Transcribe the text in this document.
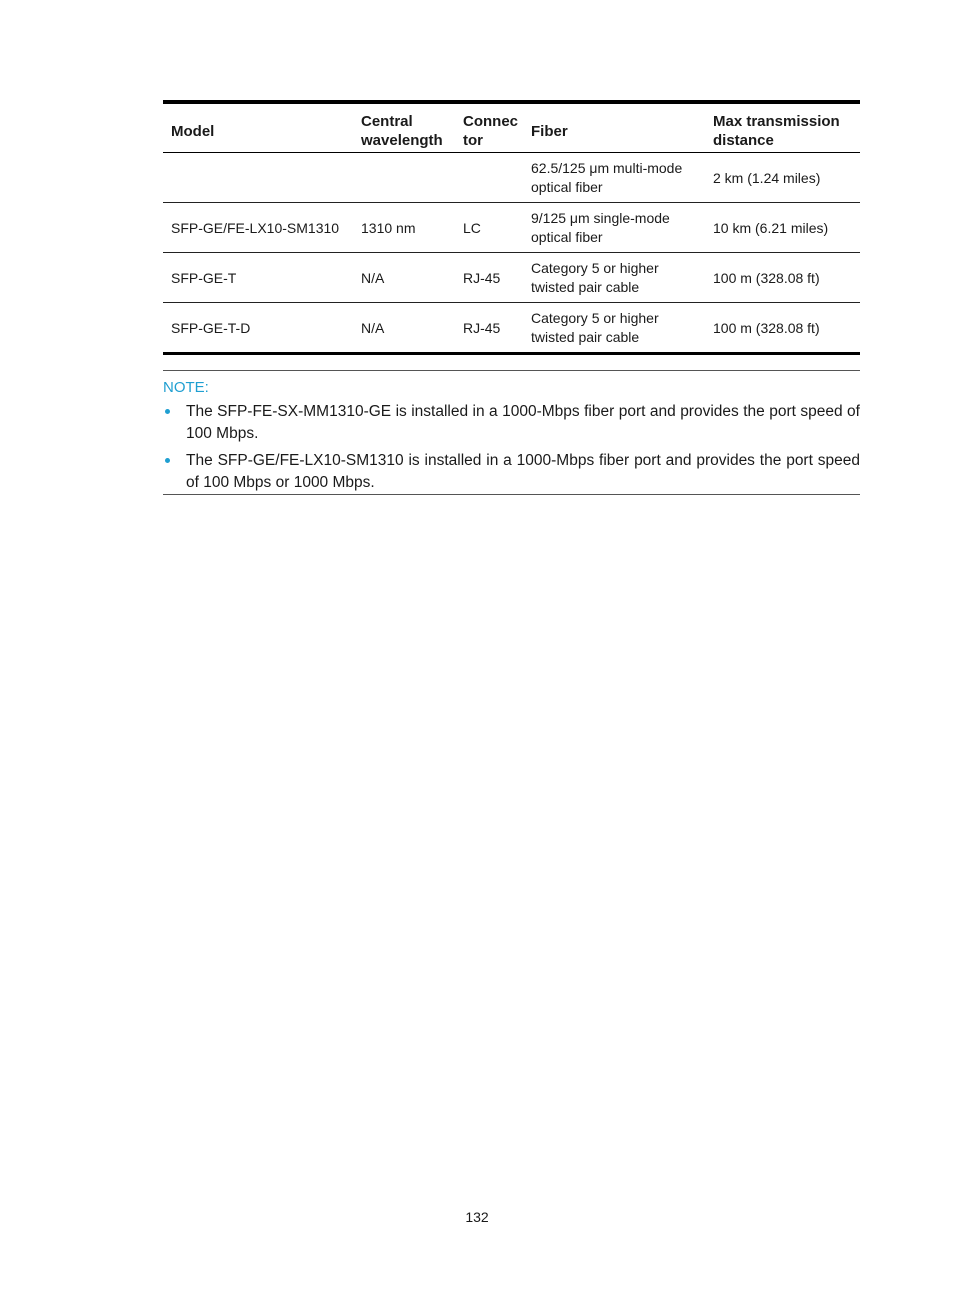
Model	Central wavelength	Connec tor	Fiber	Max transmission distance
			62.5/125 μm multi-mode optical fiber	2 km (1.24 miles)
SFP-GE/FE-LX10-SM1310	1310 nm	LC	9/125 μm single-mode optical fiber	10 km (6.21 miles)
SFP-GE-T	N/A	RJ-45	Category 5 or higher twisted pair cable	100 m (328.08 ft)
SFP-GE-T-D	N/A	RJ-45	Category 5 or higher twisted pair cable	100 m (328.08 ft)
NOTE:
The SFP-FE-SX-MM1310-GE is installed in a 1000-Mbps fiber port and provides the port speed of 100 Mbps.
The SFP-GE/FE-LX10-SM1310 is installed in a 1000-Mbps fiber port and provides the port speed of 100 Mbps or 1000 Mbps.
132
